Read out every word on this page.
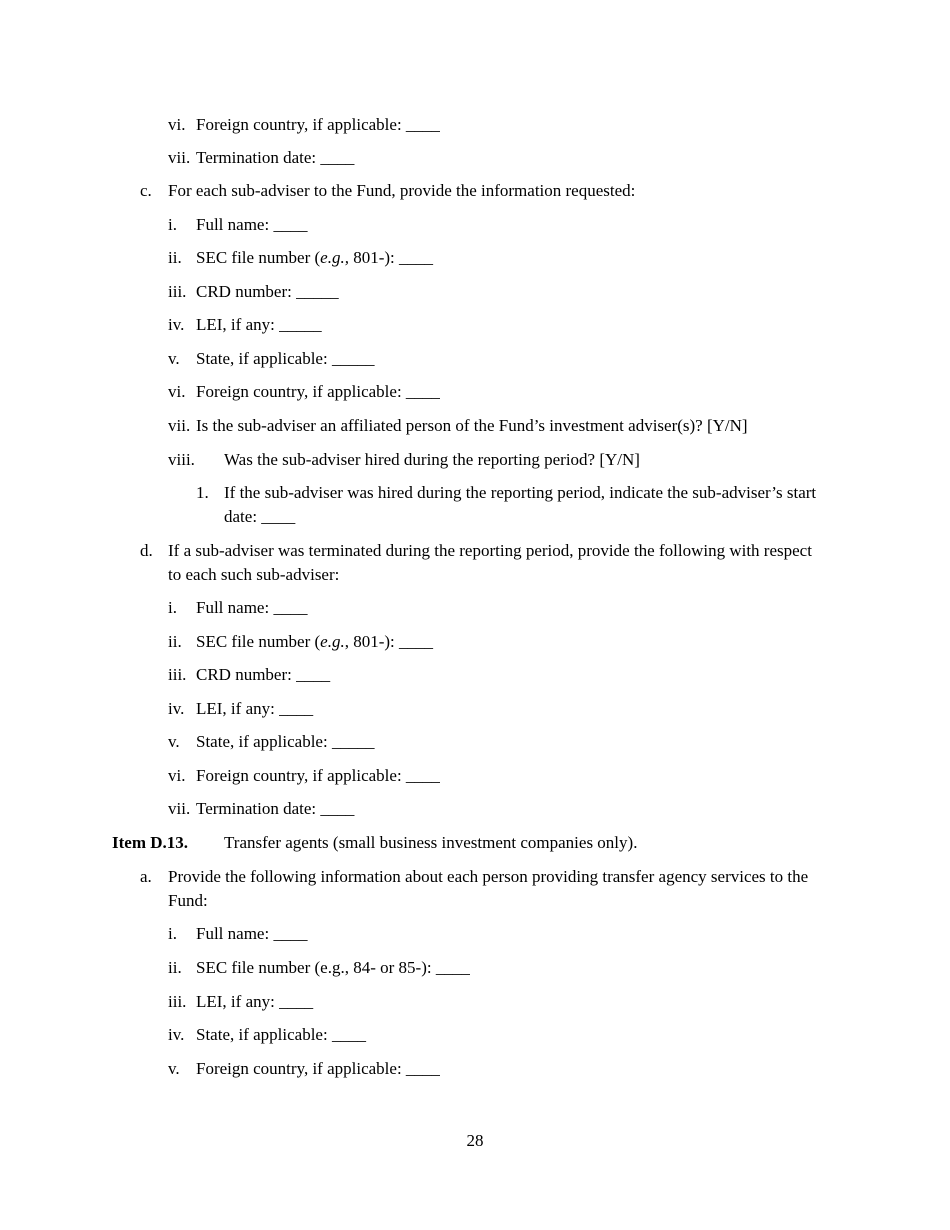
vi. Foreign country, if applicable: ____
vii. Termination date: ____
c. For each sub-adviser to the Fund, provide the information requested:
i. Full name: ____
ii. SEC file number (e.g., 801-): ____
iii. CRD number: _____
iv. LEI, if any: _____
v. State, if applicable: _____
vi. Foreign country, if applicable: ____
vii. Is the sub-adviser an affiliated person of the Fund’s investment adviser(s)? [Y/N]
viii. Was the sub-adviser hired during the reporting period? [Y/N]
1. If the sub-adviser was hired during the reporting period, indicate the sub-adviser’s start date: ____
d. If a sub-adviser was terminated during the reporting period, provide the following with respect to each such sub-adviser:
i. Full name: ____
ii. SEC file number (e.g., 801-): ____
iii. CRD number: ____
iv. LEI, if any: ____
v. State, if applicable: _____
vi. Foreign country, if applicable: ____
vii. Termination date: ____
Item D.13. Transfer agents (small business investment companies only).
a. Provide the following information about each person providing transfer agency services to the Fund:
i. Full name: ____
ii. SEC file number (e.g., 84- or 85-): ____
iii. LEI, if any: ____
iv. State, if applicable: ____
v. Foreign country, if applicable: ____
28
